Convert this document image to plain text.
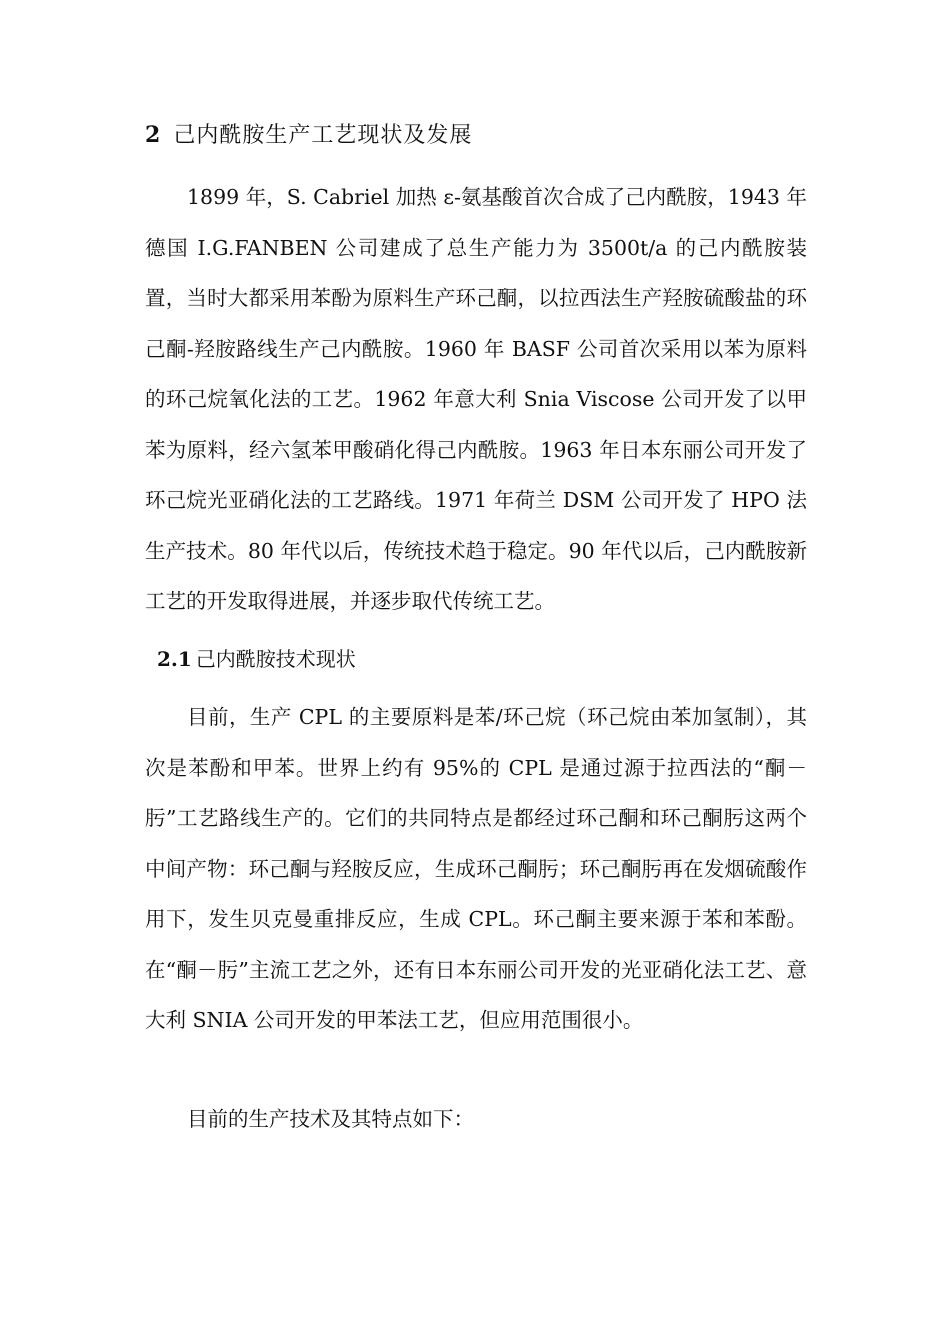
2 己内酰胺生产工艺现状及发展

1899 年，S. Cabriel 加热 ε-氨基酸首次合成了己内酰胺，1943 年德国 I.G.FANBEN 公司建成了总生产能力为 3500t/a 的己内酰胺装置，当时大都采用苯酚为原料生产环己酮，以拉西法生产羟胺硫酸盐的环己酮-羟胺路线生产己内酰胺。1960 年 BASF 公司首次采用以苯为原料的环己烷氧化法的工艺。1962 年意大利 Snia Viscose 公司开发了以甲苯为原料，经六氢苯甲酸硝化得己内酰胺。1963 年日本东丽公司开发了环己烷光亚硝化法的工艺路线。1971 年荷兰 DSM 公司开发了 HPO 法生产技术。80 年代以后，传统技术趋于稳定。90 年代以后，己内酰胺新工艺的开发取得进展，并逐步取代传统工艺。

2.1 己内酰胺技术现状

目前，生产 CPL 的主要原料是苯/环己烷（环己烷由苯加氢制），其次是苯酚和甲苯。世界上约有 95%的 CPL 是通过源于拉西法的“酮－肟”工艺路线生产的。它们的共同特点是都经过环己酮和环己酮肟这两个中间产物：环己酮与羟胺反应，生成环己酮肟；环己酮肟再在发烟硫酸作用下，发生贝克曼重排反应，生成 CPL。环己酮主要来源于苯和苯酚。在“酮－肟”主流工艺之外，还有日本东丽公司开发的光亚硝化法工艺、意大利 SNIA 公司开发的甲苯法工艺，但应用范围很小。

目前的生产技术及其特点如下：
